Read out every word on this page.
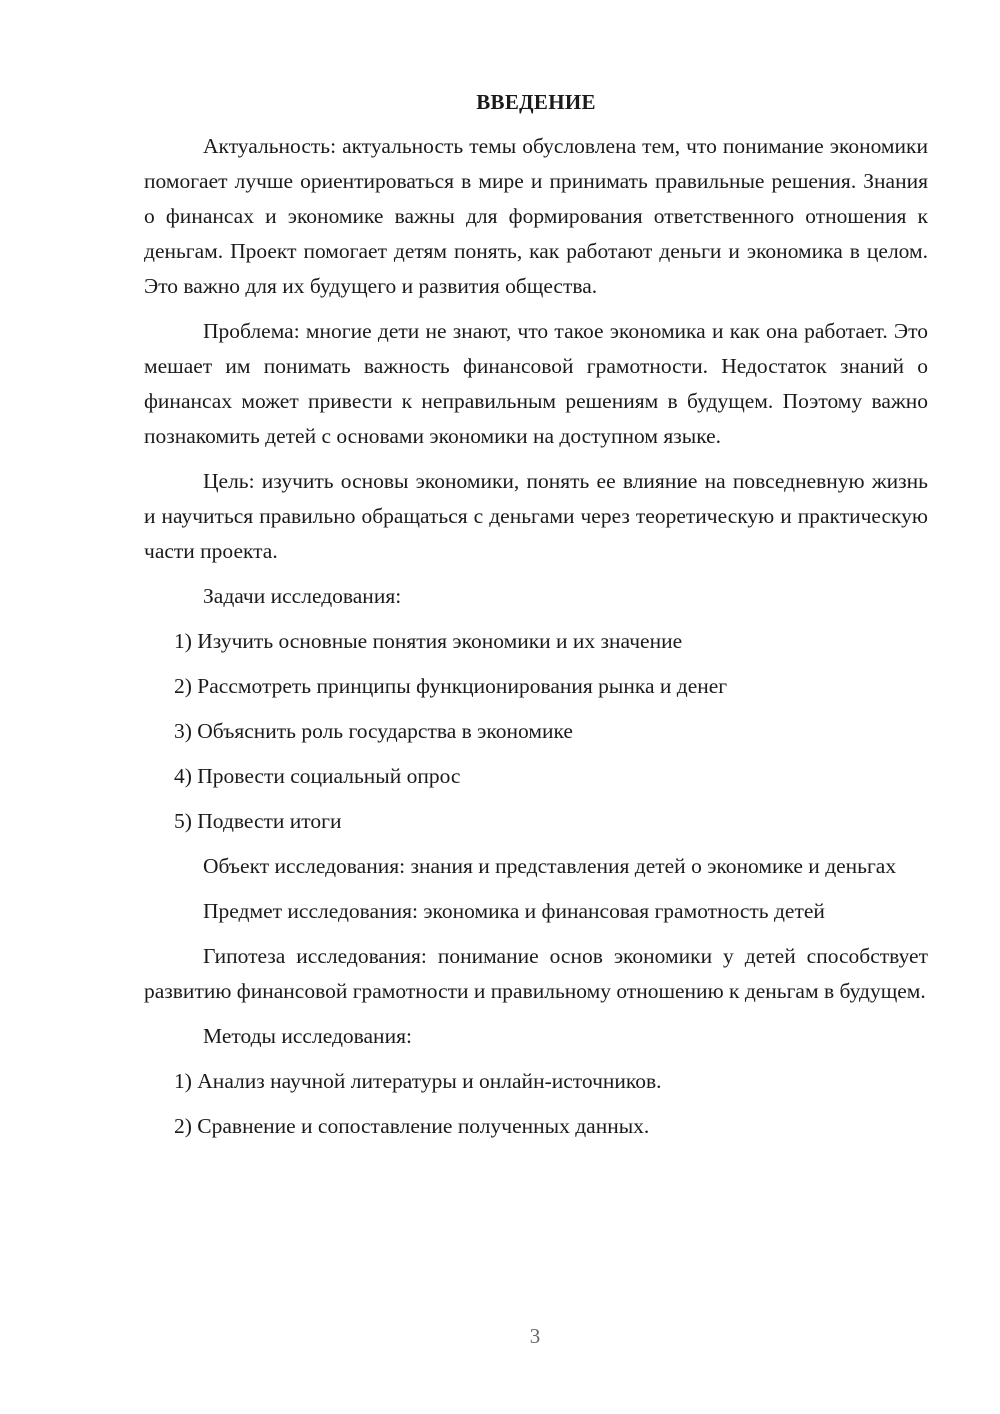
ВВЕДЕНИЕ

Актуальность: актуальность темы обусловлена тем, что понимание экономики помогает лучше ориентироваться в мире и принимать правильные решения. Знания о финансах и экономике важны для формирования ответственного отношения к деньгам. Проект помогает детям понять, как работают деньги и экономика в целом. Это важно для их будущего и развития общества.

Проблема: многие дети не знают, что такое экономика и как она работает. Это мешает им понимать важность финансовой грамотности. Недостаток знаний о финансах может привести к неправильным решениям в будущем. Поэтому важно познакомить детей с основами экономики на доступном языке.

Цель: изучить основы экономики, понять ее влияние на повседневную жизнь и научиться правильно обращаться с деньгами через теоретическую и практическую части проекта.

Задачи исследования:

1) Изучить основные понятия экономики и их значение
2) Рассмотреть принципы функционирования рынка и денег
3) Объяснить роль государства в экономике
4) Провести социальный опрос
5) Подвести итоги

Объект исследования: знания и представления детей о экономике и деньгах

Предмет исследования: экономика и финансовая грамотность детей

Гипотеза исследования: понимание основ экономики у детей способствует развитию финансовой грамотности и правильному отношению к деньгам в будущем.

Методы исследования:

1) Анализ научной литературы и онлайн-источников.
2) Сравнение и сопоставление полученных данных.
3
